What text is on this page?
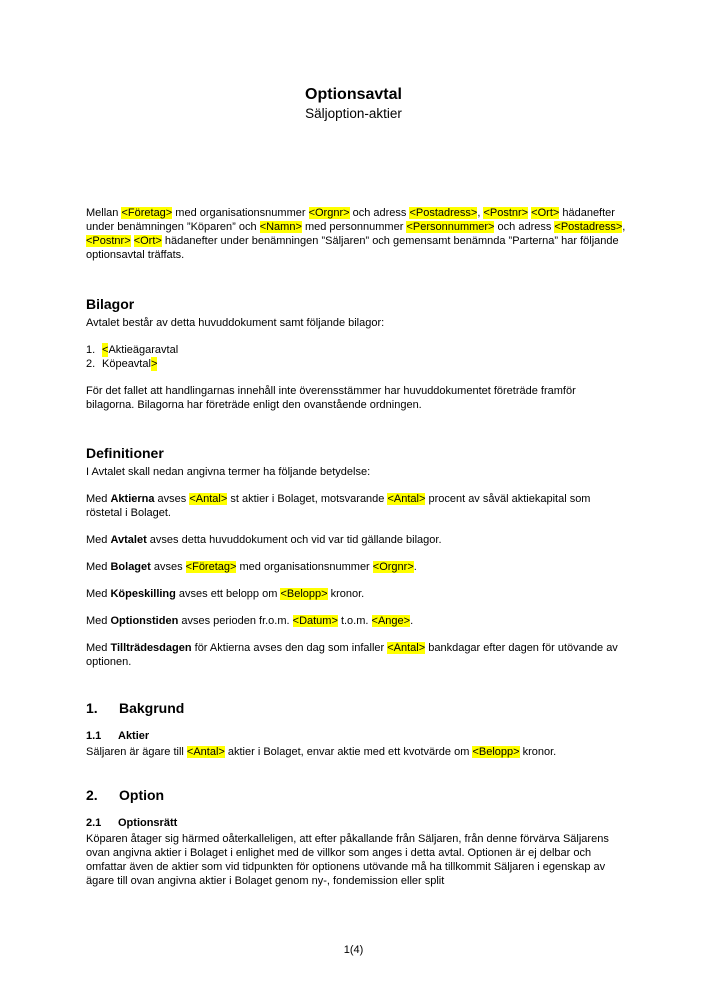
Optionsavtal
Säljoption-aktier

Mellan <Företag> med organisationsnummer <Orgnr> och adress <Postadress>, <Postnr> <Ort> hädanefter under benämningen ”Köparen” och <Namn> med personnummer <Personnummer> och adress <Postadress>, <Postnr> <Ort> hädanefter under benämningen ”Säljaren” och gemensamt benämnda ”Parterna” har följande optionsavtal träffats.

Bilagor

Avtalet består av detta huvuddokument samt följande bilagor:

1. < Aktieägaravtal
2. Köpeavtal >

För det fallet att handlingarnas innehåll inte överensstämmer har huvuddokumentet företräde framför bilagorna. Bilagorna har företräde enligt den ovanstående ordningen.

Definitioner

I Avtalet skall nedan angivna termer ha följande betydelse:

Med Aktierna avses <Antal> st aktier i Bolaget, motsvarande <Antal> procent av såväl aktiekapital som röstetal i Bolaget.

Med Avtalet avses detta huvuddokument och vid var tid gällande bilagor.

Med Bolaget avses <Företag> med organisationsnummer <Orgnr>.

Med Köpeskilling avses ett belopp om <Belopp> kronor.

Med Optionstiden avses perioden fr.o.m. <Datum> t.o.m. <Ange>.

Med Tillträdesdagen för Aktierna avses den dag som infaller <Antal> bankdagar efter dagen för utövande av optionen.

1.	Bakgrund
1.1	Aktier

Säljaren är ägare till <Antal> aktier i Bolaget, envar aktie med ett kvotvärde om <Belopp> kronor.

2.	Option
2.1	Optionsrätt

Köparen åtager sig härmed oåterkalleligen, att efter påkallande från Säljaren, från denne förvärva Säljarens ovan angivna aktier i Bolaget i enlighet med de villkor som anges i detta avtal. Optionen är ej delbar och omfattar även de aktier som vid tidpunkten för optionens utövande må ha tillkommit Säljaren i egenskap av ägare till ovan angivna aktier i Bolaget genom ny-, fondemission eller split

1(4)
